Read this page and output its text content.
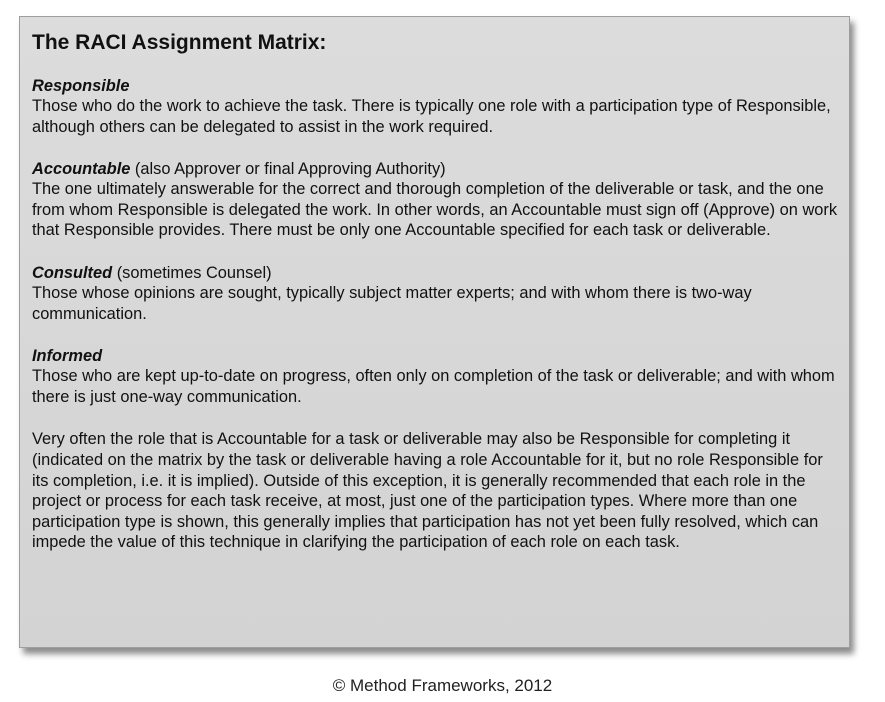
The RACI Assignment Matrix:
Responsible

Those who do the work to achieve the task. There is typically one role with a participation type of Responsible, although others can be delegated to assist in the work required.

Accountable (also Approver or final Approving Authority)

The one ultimately answerable for the correct and thorough completion of the deliverable or task, and the one from whom Responsible is delegated the work. In other words, an Accountable must sign off (Approve) on work that Responsible provides. There must be only one Accountable specified for each task or deliverable.

Consulted (sometimes Counsel)

Those whose opinions are sought, typically subject matter experts; and with whom there is two-way communication.

Informed

Those who are kept up-to-date on progress, often only on completion of the task or deliverable; and with whom there is just one-way communication.

Very often the role that is Accountable for a task or deliverable may also be Responsible for completing it (indicated on the matrix by the task or deliverable having a role Accountable for it, but no role Responsible for its completion, i.e. it is implied). Outside of this exception, it is generally recommended that each role in the project or process for each task receive, at most, just one of the participation types. Where more than one participation type is shown, this generally implies that participation has not yet been fully resolved, which can impede the value of this technique in clarifying the participation of each role on each task.

© Method Frameworks, 2012
